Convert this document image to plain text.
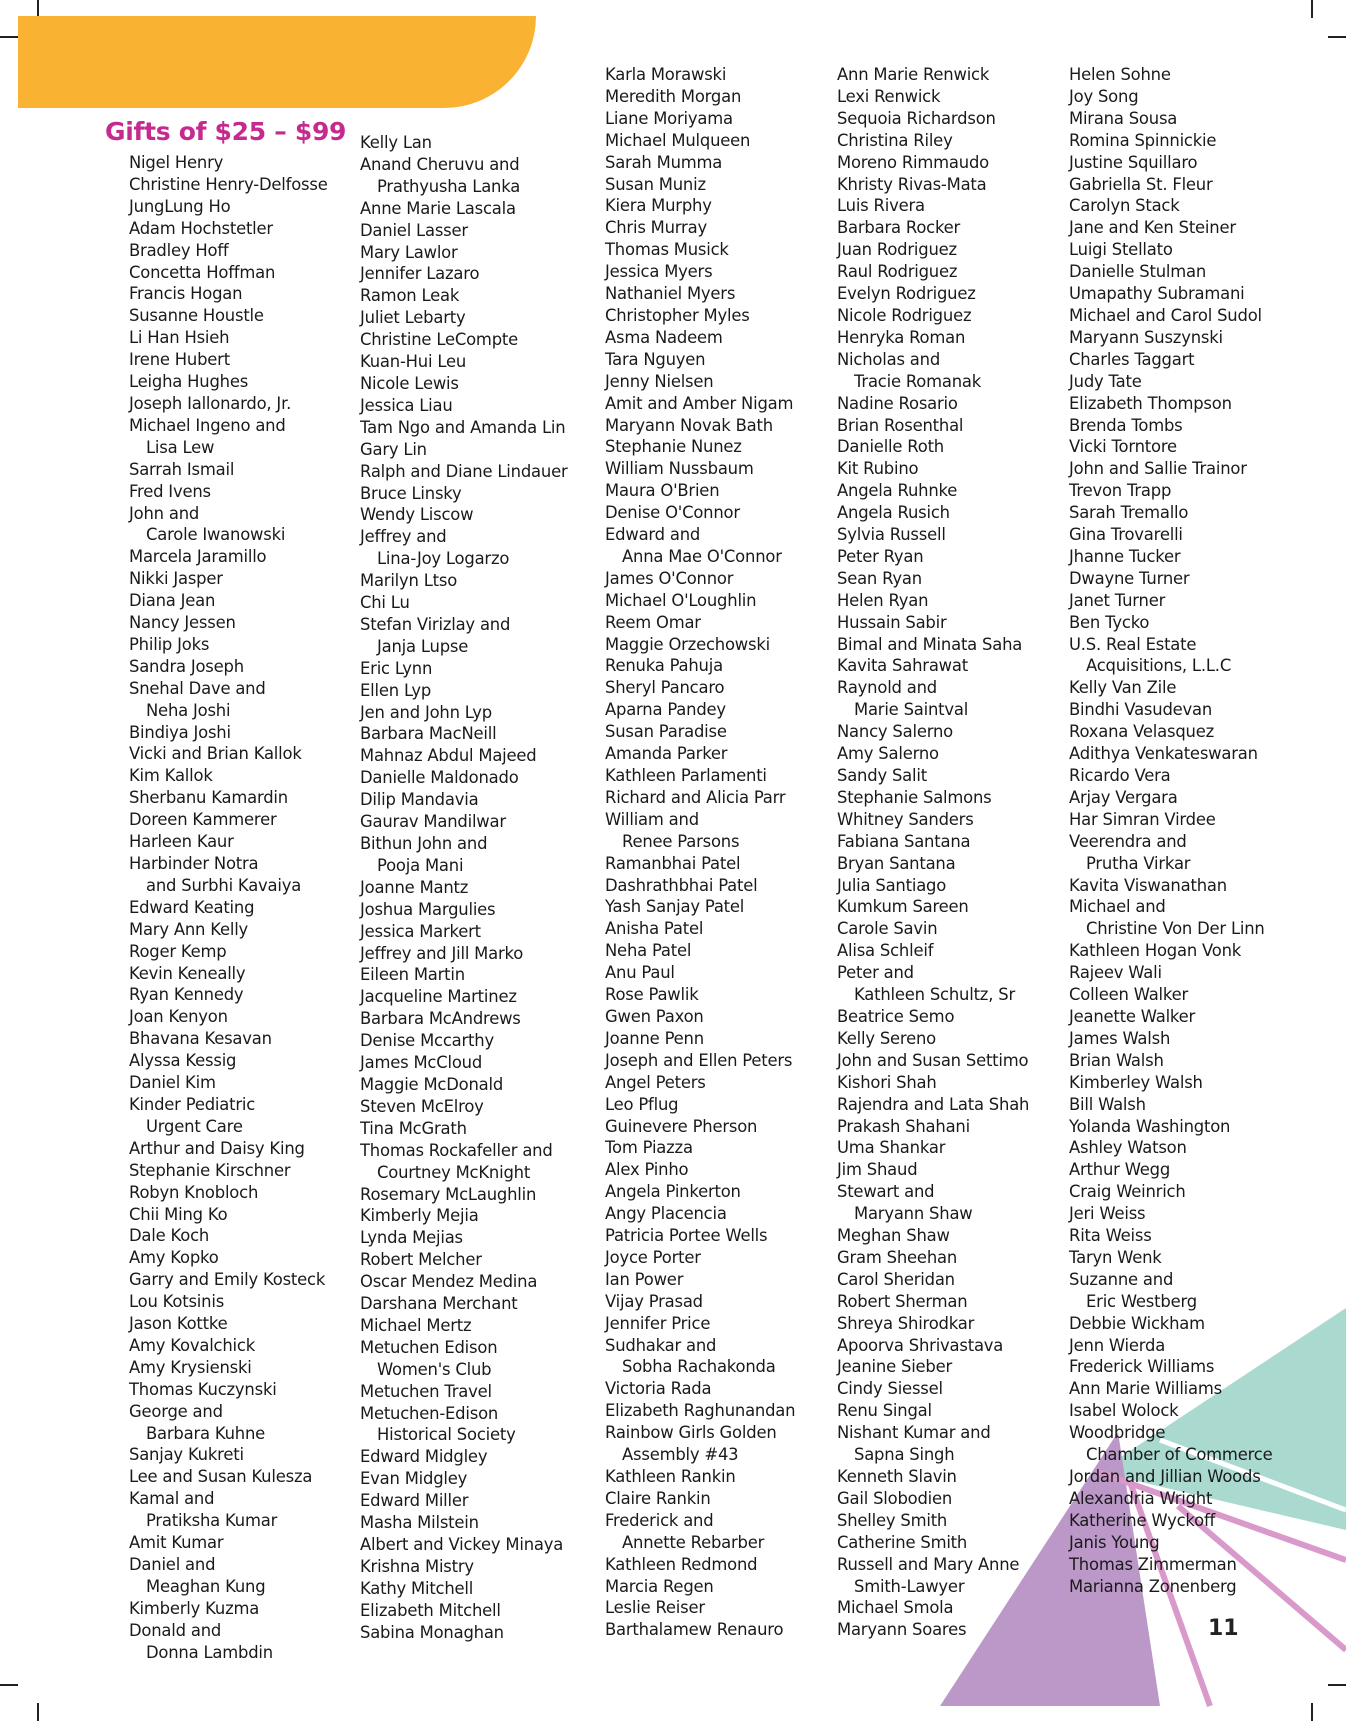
Gifts of $25 – $99
Nigel Henry
Christine Henry-Delfosse
JungLung Ho
Adam Hochstetler
Bradley Hoff
Concetta Hoffman
Francis Hogan
Susanne Houstle
Li Han Hsieh
Irene Hubert
Leigha Hughes
Joseph Iallonardo, Jr.
Michael Ingeno and
Lisa Lew
Sarrah Ismail
Fred Ivens
John and
Carole Iwanowski
Marcela Jaramillo
Nikki Jasper
Diana Jean
Nancy Jessen
Philip Joks
Sandra Joseph
Snehal Dave and
Neha Joshi
Bindiya Joshi
Vicki and Brian Kallok
Kim Kallok
Sherbanu Kamardin
Doreen Kammerer
Harleen Kaur
Harbinder Notra
and Surbhi Kavaiya
Edward Keating
Mary Ann Kelly
Roger Kemp
Kevin Keneally
Ryan Kennedy
Joan Kenyon
Bhavana Kesavan
Alyssa Kessig
Daniel Kim
Kinder Pediatric
Urgent Care
Arthur and Daisy King
Stephanie Kirschner
Robyn Knobloch
Chii Ming Ko
Dale Koch
Amy Kopko
Garry and Emily Kosteck
Lou Kotsinis
Jason Kottke
Amy Kovalchick
Amy Krysienski
Thomas Kuczynski
George and
Barbara Kuhne
Sanjay Kukreti
Lee and Susan Kulesza
Kamal and
Pratiksha Kumar
Amit Kumar
Daniel and
Meaghan Kung
Kimberly Kuzma
Donald and
Donna Lambdin
Kelly Lan
Anand Cheruvu and
Prathyusha Lanka
Anne Marie Lascala
Daniel Lasser
Mary Lawlor
Jennifer Lazaro
Ramon Leak
Juliet Lebarty
Christine LeCompte
Kuan-Hui Leu
Nicole Lewis
Jessica Liau
Tam Ngo and Amanda Lin
Gary Lin
Ralph and Diane Lindauer
Bruce Linsky
Wendy Liscow
Jeffrey and
Lina-Joy Logarzo
Marilyn Ltso
Chi Lu
Stefan Virizlay and
Janja Lupse
Eric Lynn
Ellen Lyp
Jen and John Lyp
Barbara MacNeill
Mahnaz Abdul Majeed
Danielle Maldonado
Dilip Mandavia
Gaurav Mandilwar
Bithun John and
Pooja Mani
Joanne Mantz
Joshua Margulies
Jessica Markert
Jeffrey and Jill Marko
Eileen Martin
Jacqueline Martinez
Barbara McAndrews
Denise Mccarthy
James McCloud
Maggie McDonald
Steven McElroy
Tina McGrath
Thomas Rockafeller and
Courtney McKnight
Rosemary McLaughlin
Kimberly Mejia
Lynda Mejias
Robert Melcher
Oscar Mendez Medina
Darshana Merchant
Michael Mertz
Metuchen Edison
Women's Club
Metuchen Travel
Metuchen-Edison
Historical Society
Edward Midgley
Evan Midgley
Edward Miller
Masha Milstein
Albert and Vickey Minaya
Krishna Mistry
Kathy Mitchell
Elizabeth Mitchell
Sabina Monaghan
Karla Morawski
Meredith Morgan
Liane Moriyama
Michael Mulqueen
Sarah Mumma
Susan Muniz
Kiera Murphy
Chris Murray
Thomas Musick
Jessica Myers
Nathaniel Myers
Christopher Myles
Asma Nadeem
Tara Nguyen
Jenny Nielsen
Amit and Amber Nigam
Maryann Novak Bath
Stephanie Nunez
William Nussbaum
Maura O'Brien
Denise O'Connor
Edward and
Anna Mae O'Connor
James O'Connor
Michael O'Loughlin
Reem Omar
Maggie Orzechowski
Renuka Pahuja
Sheryl Pancaro
Aparna Pandey
Susan Paradise
Amanda Parker
Kathleen Parlamenti
Richard and Alicia Parr
William and
Renee Parsons
Ramanbhai Patel
Dashrathbhai Patel
Yash Sanjay Patel
Anisha Patel
Neha Patel
Anu Paul
Rose Pawlik
Gwen Paxon
Joanne Penn
Joseph and Ellen Peters
Angel Peters
Leo Pflug
Guinevere Pherson
Tom Piazza
Alex Pinho
Angela Pinkerton
Angy Placencia
Patricia Portee Wells
Joyce Porter
Ian Power
Vijay Prasad
Jennifer Price
Sudhakar and
Sobha Rachakonda
Victoria Rada
Elizabeth Raghunandan
Rainbow Girls Golden
Assembly #43
Kathleen Rankin
Claire Rankin
Frederick and
Annette Rebarber
Kathleen Redmond
Marcia Regen
Leslie Reiser
Barthalamew Renauro
Ann Marie Renwick
Lexi Renwick
Sequoia Richardson
Christina Riley
Moreno Rimmaudo
Khristy Rivas-Mata
Luis Rivera
Barbara Rocker
Juan Rodriguez
Raul Rodriguez
Evelyn Rodriguez
Nicole Rodriguez
Henryka Roman
Nicholas and
Tracie Romanak
Nadine Rosario
Brian Rosenthal
Danielle Roth
Kit Rubino
Angela Ruhnke
Angela Rusich
Sylvia Russell
Peter Ryan
Sean Ryan
Helen Ryan
Hussain Sabir
Bimal and Minata Saha
Kavita Sahrawat
Raynold and
Marie Saintval
Nancy Salerno
Amy Salerno
Sandy Salit
Stephanie Salmons
Whitney Sanders
Fabiana Santana
Bryan Santana
Julia Santiago
Kumkum Sareen
Carole Savin
Alisa Schleif
Peter and
Kathleen Schultz, Sr
Beatrice Semo
Kelly Sereno
John and Susan Settimo
Kishori Shah
Rajendra and Lata Shah
Prakash Shahani
Uma Shankar
Jim Shaud
Stewart and
Maryann Shaw
Meghan Shaw
Gram Sheehan
Carol Sheridan
Robert Sherman
Shreya Shirodkar
Apoorva Shrivastava
Jeanine Sieber
Cindy Siessel
Renu Singal
Nishant Kumar and
Sapna Singh
Kenneth Slavin
Gail Slobodien
Shelley Smith
Catherine Smith
Russell and Mary Anne
Smith-Lawyer
Michael Smola
Maryann Soares
Helen Sohne
Joy Song
Mirana Sousa
Romina Spinnickie
Justine Squillaro
Gabriella St. Fleur
Carolyn Stack
Jane and Ken Steiner
Luigi Stellato
Danielle Stulman
Umapathy Subramani
Michael and Carol Sudol
Maryann Suszynski
Charles Taggart
Judy Tate
Elizabeth Thompson
Brenda Tombs
Vicki Torntore
John and Sallie Trainor
Trevon Trapp
Sarah Tremallo
Gina Trovarelli
Jhanne Tucker
Dwayne Turner
Janet Turner
Ben Tycko
U.S. Real Estate
Acquisitions, L.L.C
Kelly Van Zile
Bindhi Vasudevan
Roxana Velasquez
Adithya Venkateswaran
Ricardo Vera
Arjay Vergara
Har Simran Virdee
Veerendra and
Prutha Virkar
Kavita Viswanathan
Michael and
Christine Von Der Linn
Kathleen Hogan Vonk
Rajeev Wali
Colleen Walker
Jeanette Walker
James Walsh
Brian Walsh
Kimberley Walsh
Bill Walsh
Yolanda Washington
Ashley Watson
Arthur Wegg
Craig Weinrich
Jeri Weiss
Rita Weiss
Taryn Wenk
Suzanne and
Eric Westberg
Debbie Wickham
Jenn Wierda
Frederick Williams
Ann Marie Williams
Isabel Wolock
Woodbridge
Chamber of Commerce
Jordan and Jillian Woods
Alexandria Wright
Katherine Wyckoff
Janis Young
Thomas Zimmerman
Marianna Zonenberg
11
